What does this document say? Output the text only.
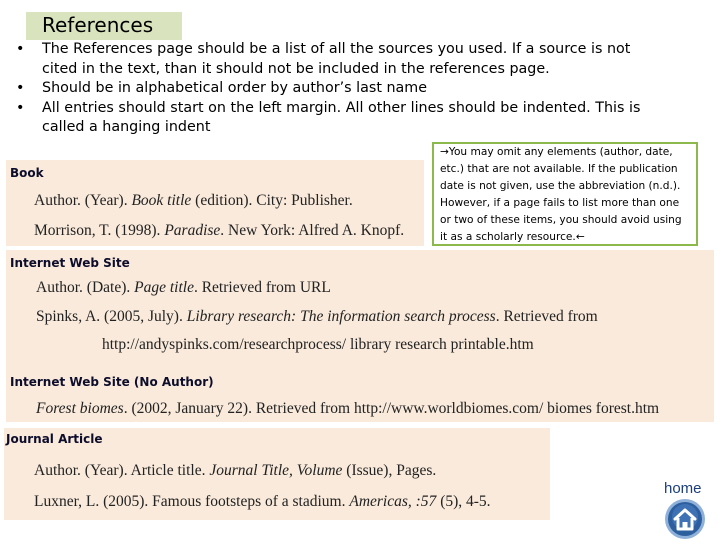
References
• The References page should be a list of all the sources you used. If a source is not cited in the text, than it should not be included in the references page.
• Should be in alphabetical order by author’s last name
• All entries should start on the left margin. All other lines should be indented. This is called a hanging indent
Book
Author. (Year). Book title (edition). City: Publisher.
Morrison, T. (1998). Paradise. New York: Alfred A. Knopf.
→You may omit any elements (author, date, etc.) that are not available. If the publication date is not given, use the abbreviation (n.d.). However, if a page fails to list more than one or two of these items, you should avoid using it as a scholarly resource.←
Internet Web Site
Author. (Date). Page title. Retrieved from URL
Spinks, A. (2005, July). Library research: The information search process. Retrieved from
http://andyspinks.com/researchprocess/ library research printable.htm
Internet Web Site (No Author)
Forest biomes. (2002, January 22). Retrieved from http://www.worldbiomes.com/ biomes forest.htm
Journal Article
Author. (Year). Article title. Journal Title, Volume (Issue), Pages.
Luxner, L. (2005). Famous footsteps of a stadium. Americas, :57 (5), 4-5.
home
